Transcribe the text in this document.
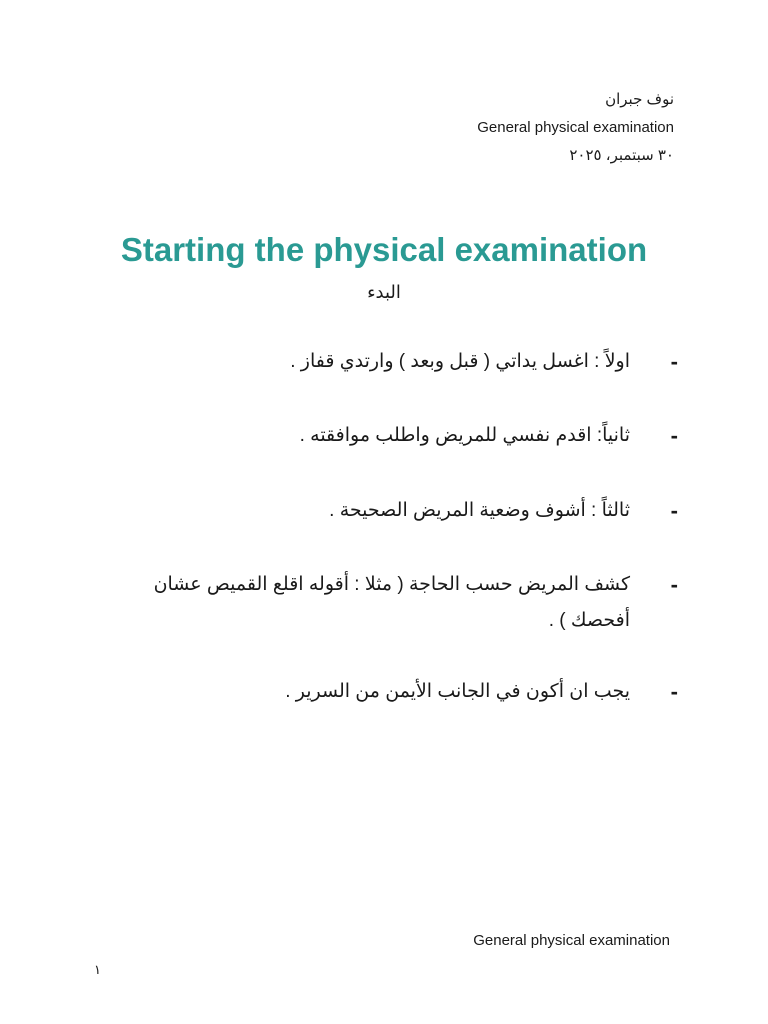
نوف جبران
General physical examination
٣٠ سبتمبر، ٢٠٢٥
Starting the physical examination
البدء
-
اولاً : اغسل يداتي ( قبل وبعد ) وارتدي قفاز .
-
ثانياً: اقدم نفسي للمريض واطلب موافقته .
-
ثالثاً : أشوف وضعية المريض الصحيحة .
-
كشف المريض حسب الحاجة ( مثلا : أقوله اقلع القميص عشان أفحصك ) .
-
يجب ان أكون في الجانب الأيمن من السرير .
General physical examination
١
